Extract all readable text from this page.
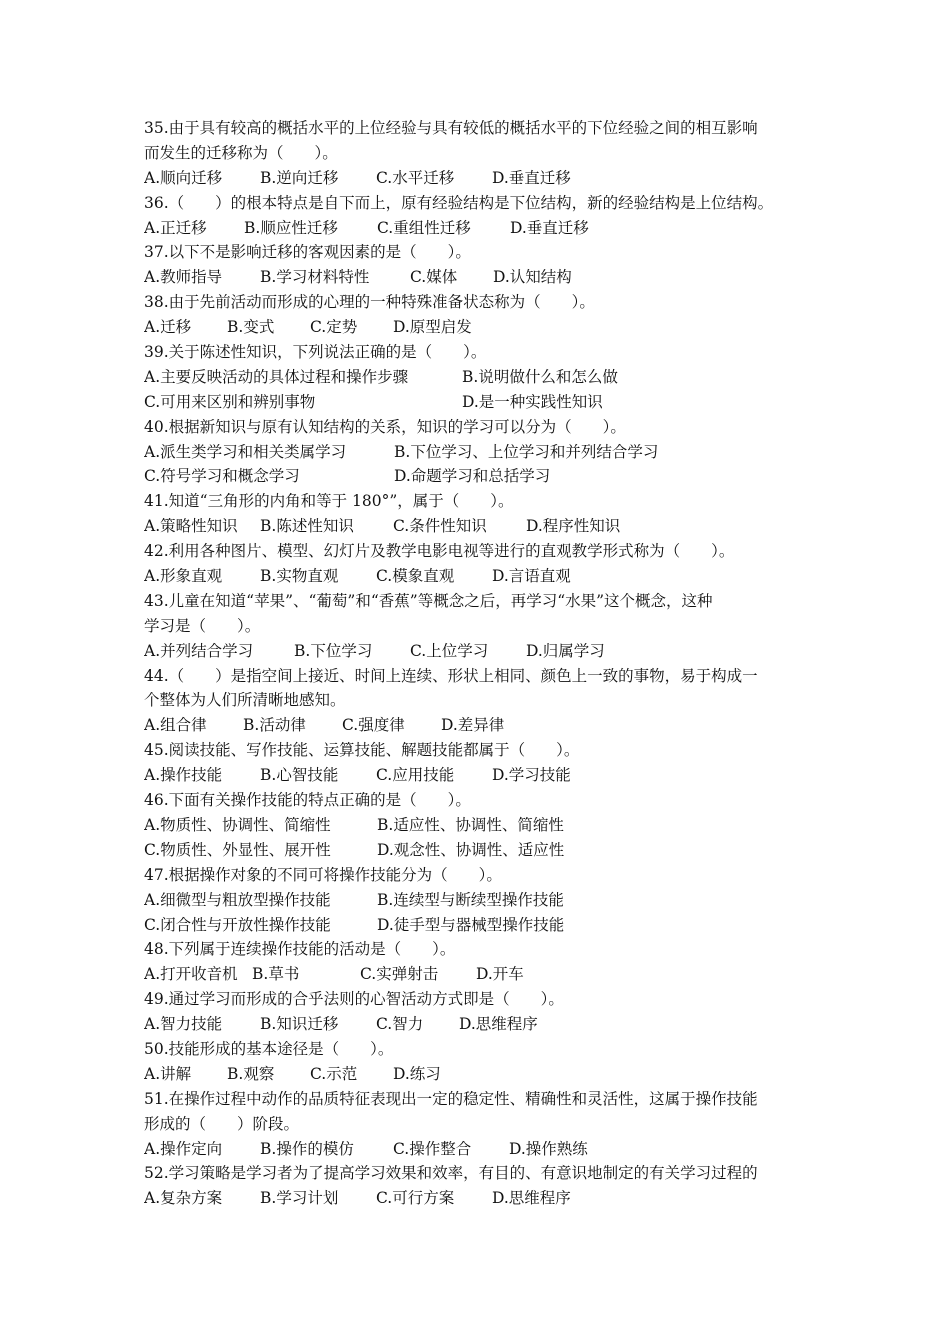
35.由于具有较高的概括水平的上位经验与具有较低的概括水平的下位经验之间的相互影响
而发生的迁移称为（　　）。
A.顺向迁移 B.逆向迁移 C.水平迁移 D.垂直迁移
36.（　　）的根本特点是自下而上，原有经验结构是下位结构，新的经验结构是上位结构。
A.正迁移 B.顺应性迁移	C.重组性迁移	D.垂直迁移
37.以下不是影响迁移的客观因素的是（　　）。
A.教师指导 B.学习材料特性	C.媒体 D.认知结构
38.由于先前活动而形成的心理的一种特殊准备状态称为（　　）。
A.迁移 B.变式 C.定势 D.原型启发
39.关于陈述性知识，下列说法正确的是（　　）。
A.主要反映活动的具体过程和操作步骤	B.说明做什么和怎么做
C.可用来区别和辨别事物	D.是一种实践性知识
40.根据新知识与原有认知结构的关系，知识的学习可以分为（　　）。
A.派生类学习和相关类属学习	B.下位学习、上位学习和并列结合学习
C.符号学习和概念学习	D.命题学习和总括学习
41.知道“三角形的内角和等于 180°”，属于（　　）。
A.策略性知识 B.陈述性知识	C.条件性知识	D.程序性知识
42.利用各种图片、模型、幻灯片及教学电影电视等进行的直观教学形式称为（　　）。
A.形象直观 B.实物直观 C.模象直观 D.言语直观
43.儿童在知道“苹果”、“葡萄”和“香蕉”等概念之后，再学习“水果”这个概念，这种
学习是（　　）。
A.并列结合学习	B.下位学习 C.上位学习 D.归属学习
44.（　　）是指空间上接近、时间上连续、形状上相同、颜色上一致的事物，易于构成一
个整体为人们所清晰地感知。
A.组合律 B.活动律 C.强度律 D.差异律
45.阅读技能、写作技能、运算技能、解题技能都属于（　　）。
A.操作技能 B.心智技能 C.应用技能 D.学习技能
46.下面有关操作技能的特点正确的是（　　）。
A.物质性、协调性、简缩性	B.适应性、协调性、简缩性
C.物质性、外显性、展开性	D.观念性、协调性、适应性
47.根据操作对象的不同可将操作技能分为（　　）。
A.细微型与粗放型操作技能	B.连续型与断续型操作技能
C.闭合性与开放性操作技能	D.徒手型与器械型操作技能
48.下列属于连续操作技能的活动是（　　）。
A.打开收音机 B.草书	C.实弹射击 D.开车
49.通过学习而形成的合乎法则的心智活动方式即是（　　）。
A.智力技能 B.知识迁移 C.智力 D.思维程序
50.技能形成的基本途径是（　　）。
A.讲解 B.观察 C.示范 D.练习
51.在操作过程中动作的品质特征表现出一定的稳定性、精确性和灵活性，这属于操作技能
形成的（　　）阶段。
A.操作定向 B.操作的模仿	C.操作整合 D.操作熟练
52.学习策略是学习者为了提高学习效果和效率，有目的、有意识地制定的有关学习过程的
A.复杂方案 B.学习计划 C.可行方案 D.思维程序
